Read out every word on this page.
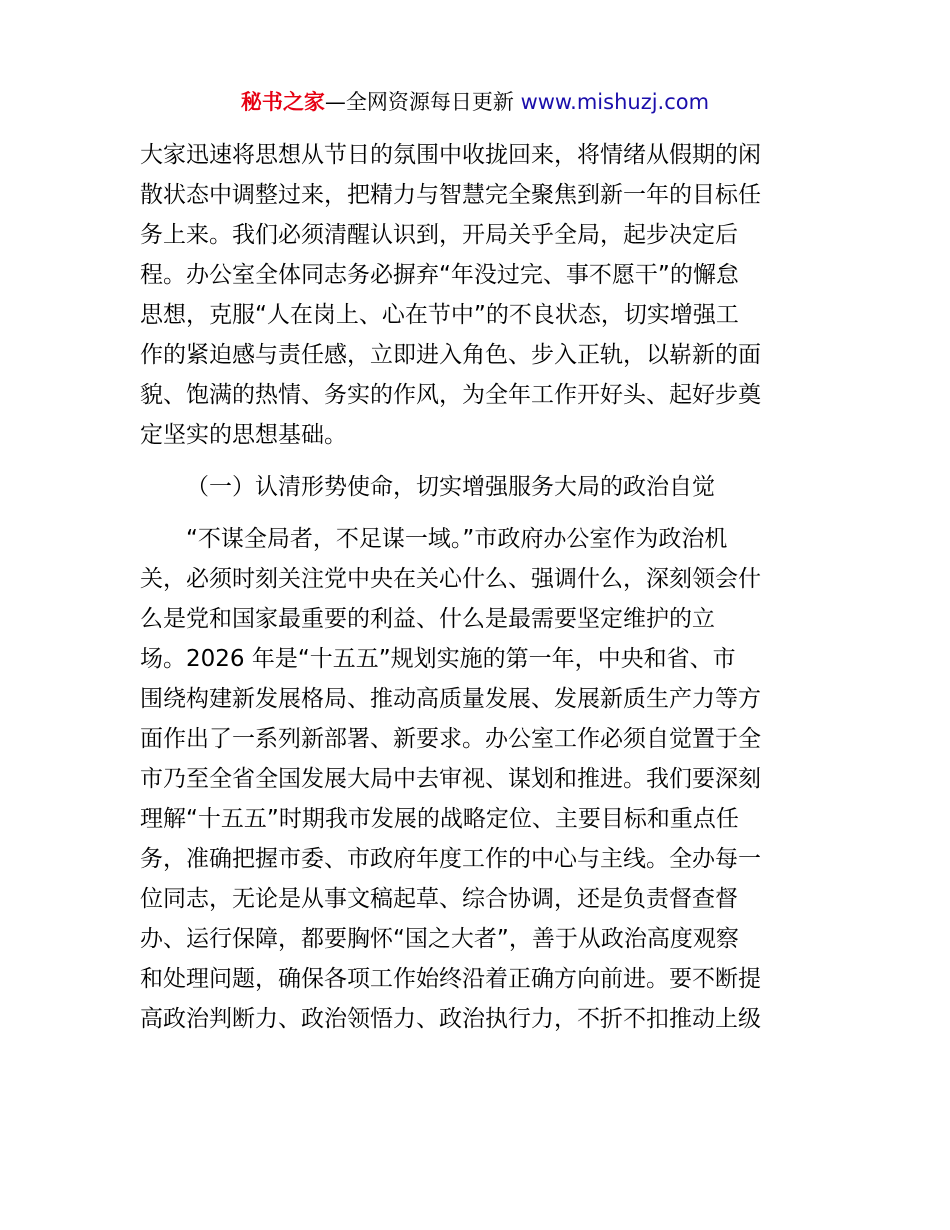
秘书之家—全网资源每日更新 www.mishuzj.com
大家迅速将思想从节日的氛围中收拢回来，将情绪从假期的闲
散状态中调整过来，把精力与智慧完全聚焦到新一年的目标任
务上来。我们必须清醒认识到，开局关乎全局，起步决定后
程。办公室全体同志务必摒弃“年没过完、事不愿干”的懈怠
思想，克服“人在岗上、心在节中”的不良状态，切实增强工
作的紧迫感与责任感，立即进入角色、步入正轨，以崭新的面
貌、饱满的热情、务实的作风，为全年工作开好头、起好步奠
定坚实的思想基础。
（一）认清形势使命，切实增强服务大局的政治自觉
“不谋全局者，不足谋一域。”市政府办公室作为政治机
关，必须时刻关注党中央在关心什么、强调什么，深刻领会什
么是党和国家最重要的利益、什么是最需要坚定维护的立
场。2026 年是“十五五”规划实施的第一年，中央和省、市
围绕构建新发展格局、推动高质量发展、发展新质生产力等方
面作出了一系列新部署、新要求。办公室工作必须自觉置于全
市乃至全省全国发展大局中去审视、谋划和推进。我们要深刻
理解“十五五”时期我市发展的战略定位、主要目标和重点任
务，准确把握市委、市政府年度工作的中心与主线。全办每一
位同志，无论是从事文稿起草、综合协调，还是负责督查督
办、运行保障，都要胸怀“国之大者”，善于从政治高度观察
和处理问题，确保各项工作始终沿着正确方向前进。要不断提
高政治判断力、政治领悟力、政治执行力，不折不扣推动上级
